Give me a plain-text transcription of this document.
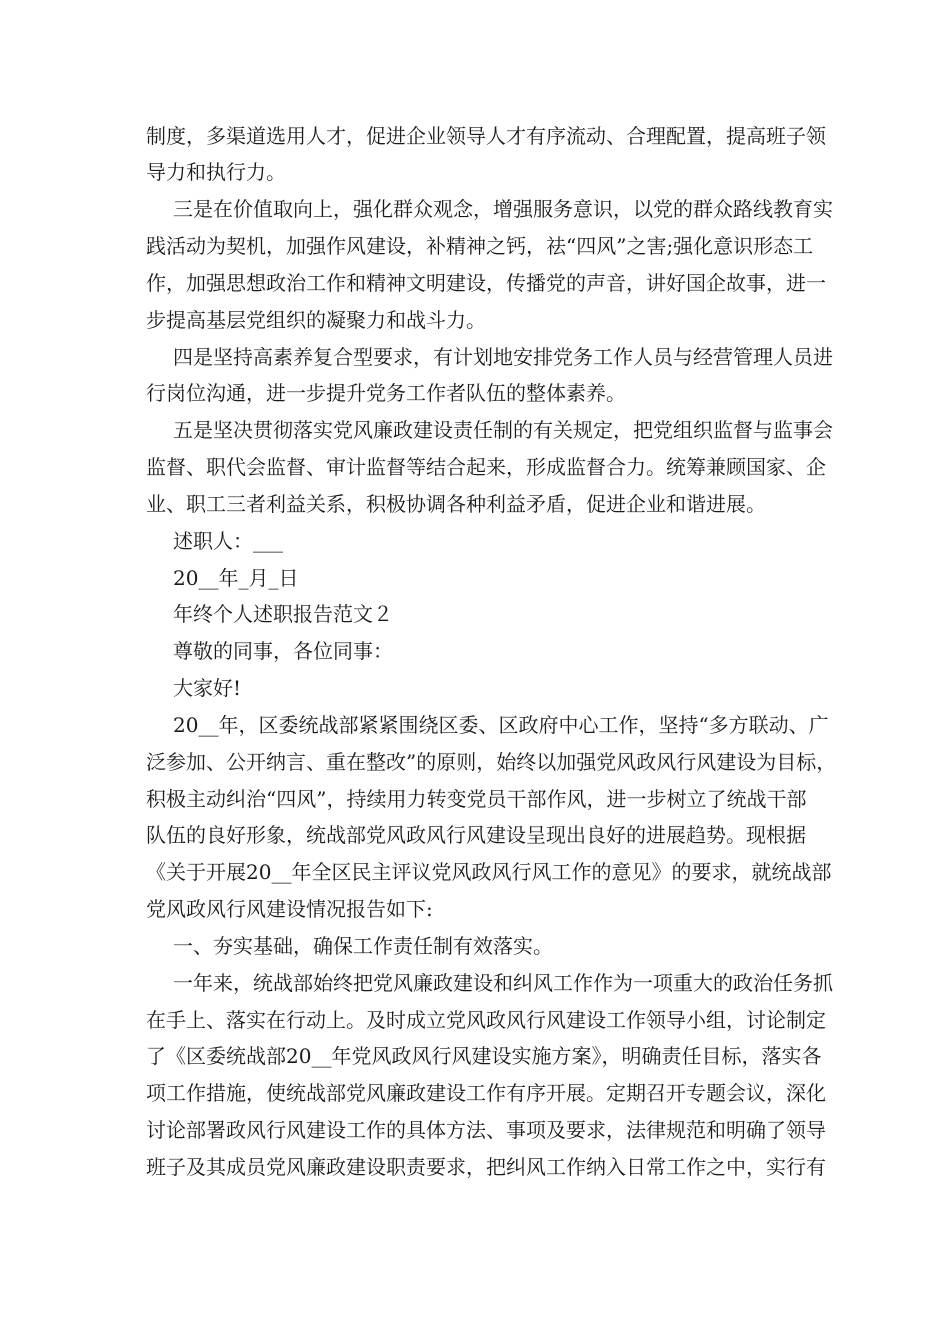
制度，多渠道选用人才，促进企业领导人才有序流动、合理配置，提高班子领
导力和执行力。
三是在价值取向上，强化群众观念，增强服务意识，以党的群众路线教育实
践活动为契机，加强作风建设，补精神之钙，祛“四风”之害;强化意识形态工
作，加强思想政治工作和精神文明建设，传播党的声音，讲好国企故事，进一
步提高基层党组织的凝聚力和战斗力。
四是坚持高素养复合型要求，有计划地安排党务工作人员与经营管理人员进
行岗位沟通，进一步提升党务工作者队伍的整体素养。
五是坚决贯彻落实党风廉政建设责任制的有关规定，把党组织监督与监事会
监督、职代会监督、审计监督等结合起来，形成监督合力。统筹兼顾国家、企
业、职工三者利益关系，积极协调各种利益矛盾，促进企业和谐进展。
述职人：___
20__年_月_日
年终个人述职报告范文２
尊敬的同事，各位同事：
大家好!
20__年，区委统战部紧紧围绕区委、区政府中心工作，坚持“多方联动、广
泛参加、公开纳言、重在整改”的原则，始终以加强党风政风行风建设为目标，
积极主动纠治“四风”，持续用力转变党员干部作风，进一步树立了统战干部
队伍的良好形象，统战部党风政风行风建设呈现出良好的进展趋势。现根据
《关于开展20__年全区民主评议党风政风行风工作的意见》的要求，就统战部
党风政风行风建设情况报告如下:
一、夯实基础，确保工作责任制有效落实。
一年来，统战部始终把党风廉政建设和纠风工作作为一项重大的政治任务抓
在手上、落实在行动上。及时成立党风政风行风建设工作领导小组，讨论制定
了《区委统战部20__年党风政风行风建设实施方案》，明确责任目标，落实各
项工作措施，使统战部党风廉政建设工作有序开展。定期召开专题会议，深化
讨论部署政风行风建设工作的具体方法、事项及要求，法律规范和明确了领导
班子及其成员党风廉政建设职责要求，把纠风工作纳入日常工作之中，实行有
